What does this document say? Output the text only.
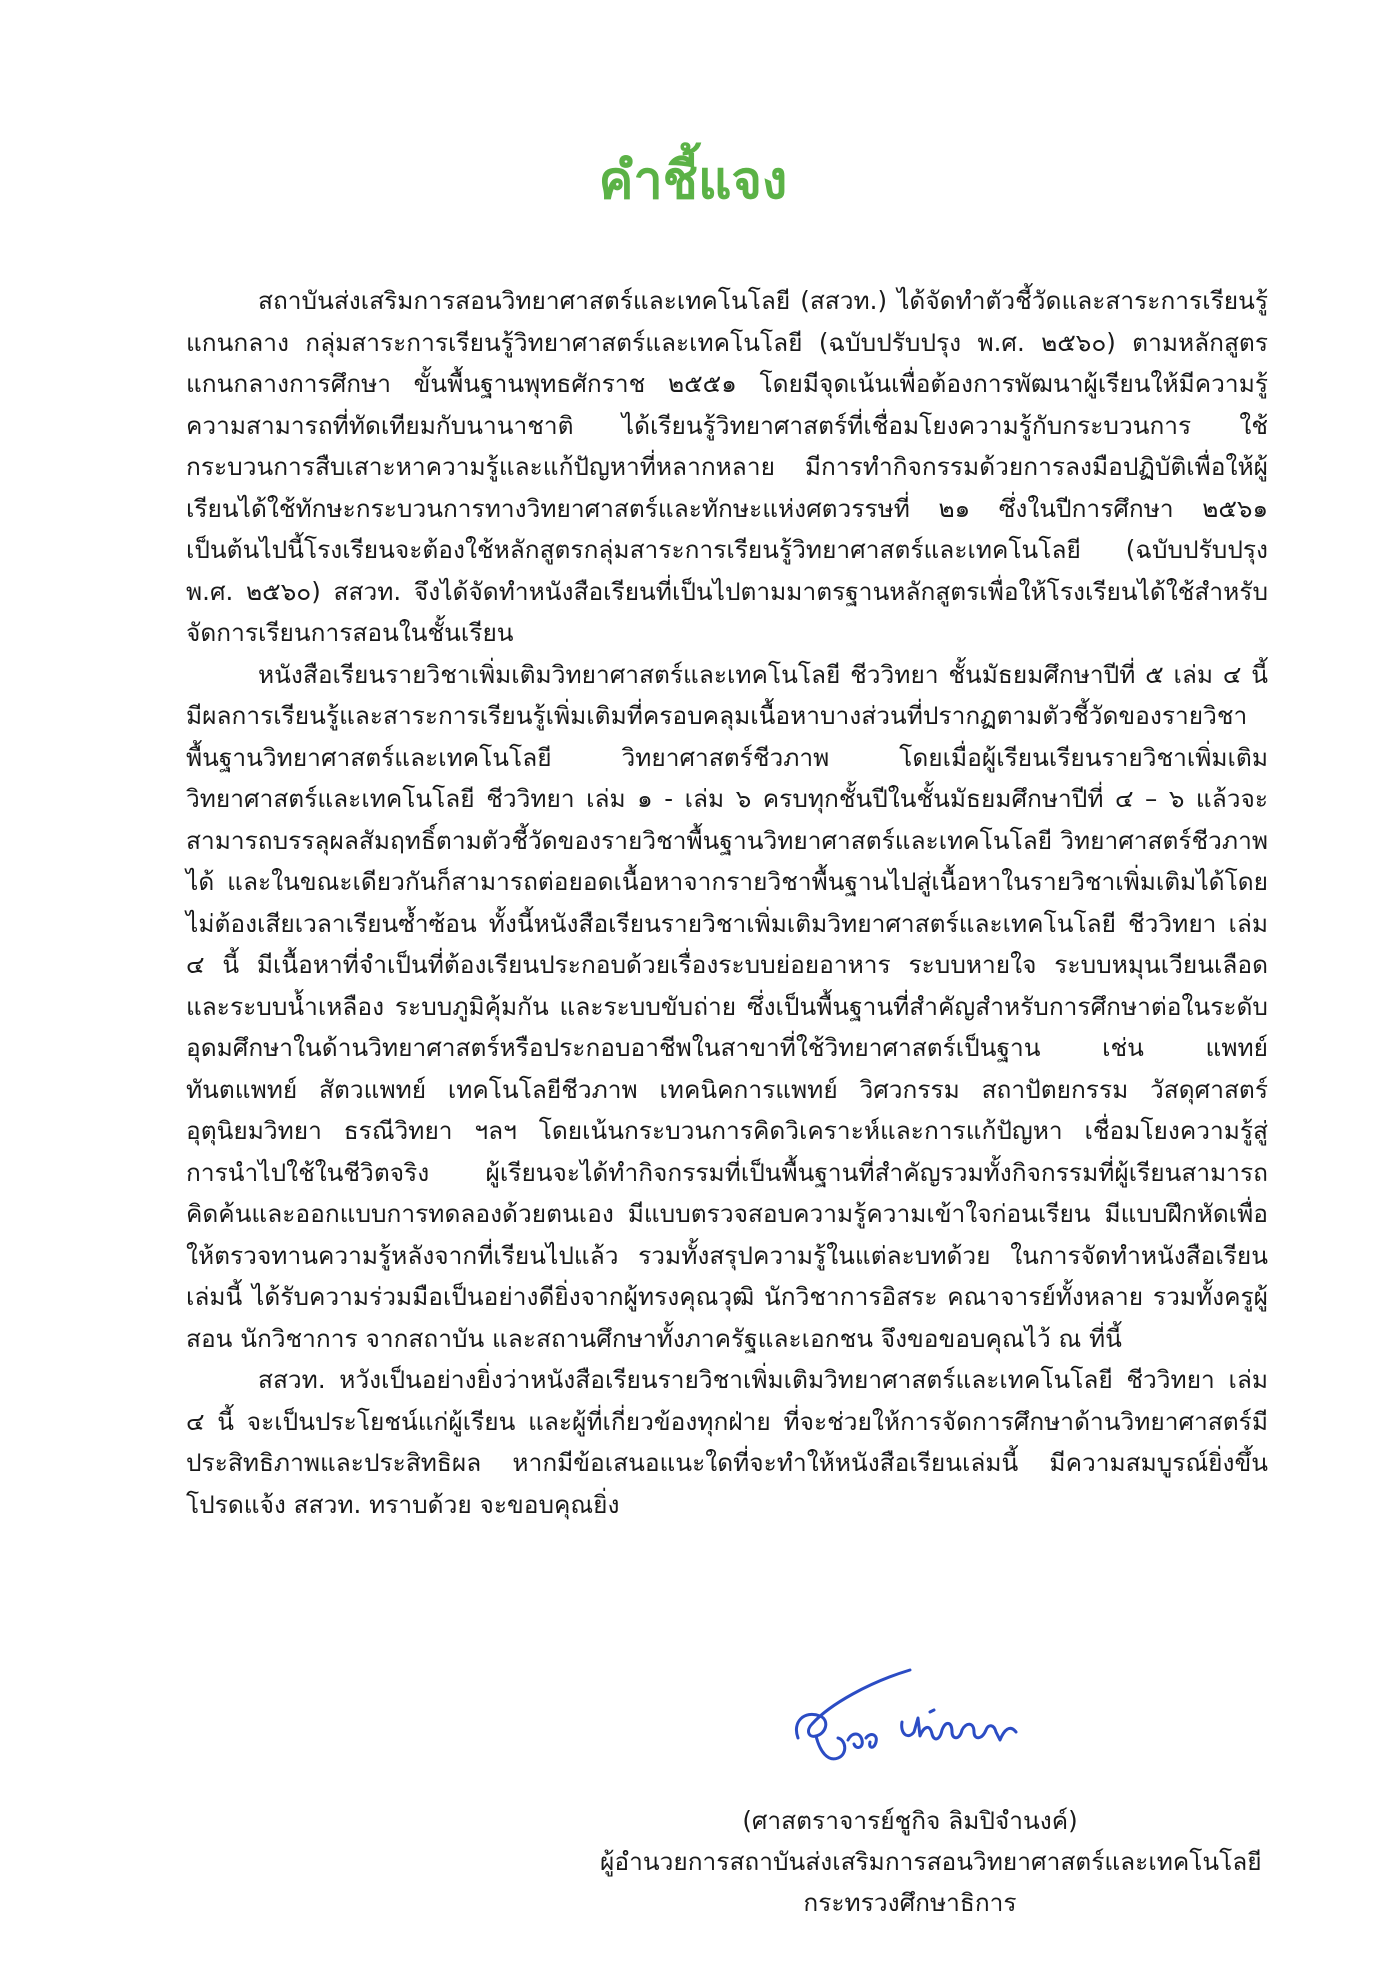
คำชี้แจง

สถาบันส่งเสริมการสอนวิทยาศาสตร์และเทคโนโลยี (สสวท.) ได้จัดทำตัวชี้วัดและสาระการเรียนรู้แกนกลาง กลุ่มสาระการเรียนรู้วิทยาศาสตร์และเทคโนโลยี (ฉบับปรับปรุง พ.ศ. ๒๕๖๐) ตามหลักสูตรแกนกลางการศึกษา ขั้นพื้นฐานพุทธศักราช ๒๕๕๑ โดยมีจุดเน้นเพื่อต้องการพัฒนาผู้เรียนให้มีความรู้ความสามารถที่ทัดเทียมกับนานาชาติ ได้เรียนรู้วิทยาศาสตร์ที่เชื่อมโยงความรู้กับกระบวนการ ใช้กระบวนการสืบเสาะหาความรู้และแก้ปัญหาที่หลากหลาย มีการทำกิจกรรมด้วยการลงมือปฏิบัติเพื่อให้ผู้เรียนได้ใช้ทักษะกระบวนการทางวิทยาศาสตร์และทักษะแห่งศตวรรษที่ ๒๑ ซึ่งในปีการศึกษา ๒๕๖๑ เป็นต้นไปนี้โรงเรียนจะต้องใช้หลักสูตรกลุ่มสาระการเรียนรู้วิทยาศาสตร์และเทคโนโลยี (ฉบับปรับปรุง พ.ศ. ๒๕๖๐) สสวท. จึงได้จัดทำหนังสือเรียนที่เป็นไปตามมาตรฐานหลักสูตรเพื่อให้โรงเรียนได้ใช้สำหรับจัดการเรียนการสอนในชั้นเรียน

หนังสือเรียนรายวิชาเพิ่มเติมวิทยาศาสตร์และเทคโนโลยี ชีววิทยา ชั้นมัธยมศึกษาปีที่ ๕ เล่ม ๔ นี้ มีผลการเรียนรู้และสาระการเรียนรู้เพิ่มเติมที่ครอบคลุมเนื้อหาบางส่วนที่ปรากฏตามตัวชี้วัดของรายวิชาพื้นฐานวิทยาศาสตร์และเทคโนโลยี วิทยาศาสตร์ชีวภาพ โดยเมื่อผู้เรียนเรียนรายวิชาเพิ่มเติมวิทยาศาสตร์และเทคโนโลยี ชีววิทยา เล่ม ๑ - เล่ม ๖ ครบทุกชั้นปีในชั้นมัธยมศึกษาปีที่ ๔ – ๖ แล้วจะสามารถบรรลุผลสัมฤทธิ์ตามตัวชี้วัดของรายวิชาพื้นฐานวิทยาศาสตร์และเทคโนโลยี วิทยาศาสตร์ชีวภาพได้ และในขณะเดียวกันก็สามารถต่อยอดเนื้อหาจากรายวิชาพื้นฐานไปสู่เนื้อหาในรายวิชาเพิ่มเติมได้โดยไม่ต้องเสียเวลาเรียนซ้ำซ้อน ทั้งนี้หนังสือเรียนรายวิชาเพิ่มเติมวิทยาศาสตร์และเทคโนโลยี ชีววิทยา เล่ม ๔ นี้ มีเนื้อหาที่จำเป็นที่ต้องเรียนประกอบด้วยเรื่องระบบย่อยอาหาร ระบบหายใจ ระบบหมุนเวียนเลือดและระบบน้ำเหลือง ระบบภูมิคุ้มกัน และระบบขับถ่าย ซึ่งเป็นพื้นฐานที่สำคัญสำหรับการศึกษาต่อในระดับอุดมศึกษาในด้านวิทยาศาสตร์หรือประกอบอาชีพในสาขาที่ใช้วิทยาศาสตร์เป็นฐาน เช่น แพทย์ ทันตแพทย์ สัตวแพทย์ เทคโนโลยีชีวภาพ เทคนิคการแพทย์ วิศวกรรม สถาปัตยกรรม วัสดุศาสตร์ อุตุนิยมวิทยา ธรณีวิทยา ฯลฯ โดยเน้นกระบวนการคิดวิเคราะห์และการแก้ปัญหา เชื่อมโยงความรู้สู่การนำไปใช้ในชีวิตจริง ผู้เรียนจะได้ทำกิจกรรมที่เป็นพื้นฐานที่สำคัญรวมทั้งกิจกรรมที่ผู้เรียนสามารถคิดค้นและออกแบบการทดลองด้วยตนเอง มีแบบตรวจสอบความรู้ความเข้าใจก่อนเรียน มีแบบฝึกหัดเพื่อให้ตรวจทานความรู้หลังจากที่เรียนไปแล้ว รวมทั้งสรุปความรู้ในแต่ละบทด้วย ในการจัดทำหนังสือเรียนเล่มนี้ ได้รับความร่วมมือเป็นอย่างดียิ่งจากผู้ทรงคุณวุฒิ นักวิชาการอิสระ คณาจารย์ทั้งหลาย รวมทั้งครูผู้สอน นักวิชาการ จากสถาบัน และสถานศึกษาทั้งภาครัฐและเอกชน จึงขอขอบคุณไว้ ณ ที่นี้

สสวท. หวังเป็นอย่างยิ่งว่าหนังสือเรียนรายวิชาเพิ่มเติมวิทยาศาสตร์และเทคโนโลยี ชีววิทยา เล่ม ๔ นี้ จะเป็นประโยชน์แก่ผู้เรียน และผู้ที่เกี่ยวข้องทุกฝ่าย ที่จะช่วยให้การจัดการศึกษาด้านวิทยาศาสตร์มีประสิทธิภาพและประสิทธิผล หากมีข้อเสนอแนะใดที่จะทำให้หนังสือเรียนเล่มนี้ มีความสมบูรณ์ยิ่งขึ้นโปรดแจ้ง สสวท. ทราบด้วย จะขอบคุณยิ่ง

(ศาสตราจารย์ชูกิจ ลิมปิจำนงค์)
ผู้อำนวยการสถาบันส่งเสริมการสอนวิทยาศาสตร์และเทคโนโลยี
กระทรวงศึกษาธิการ
